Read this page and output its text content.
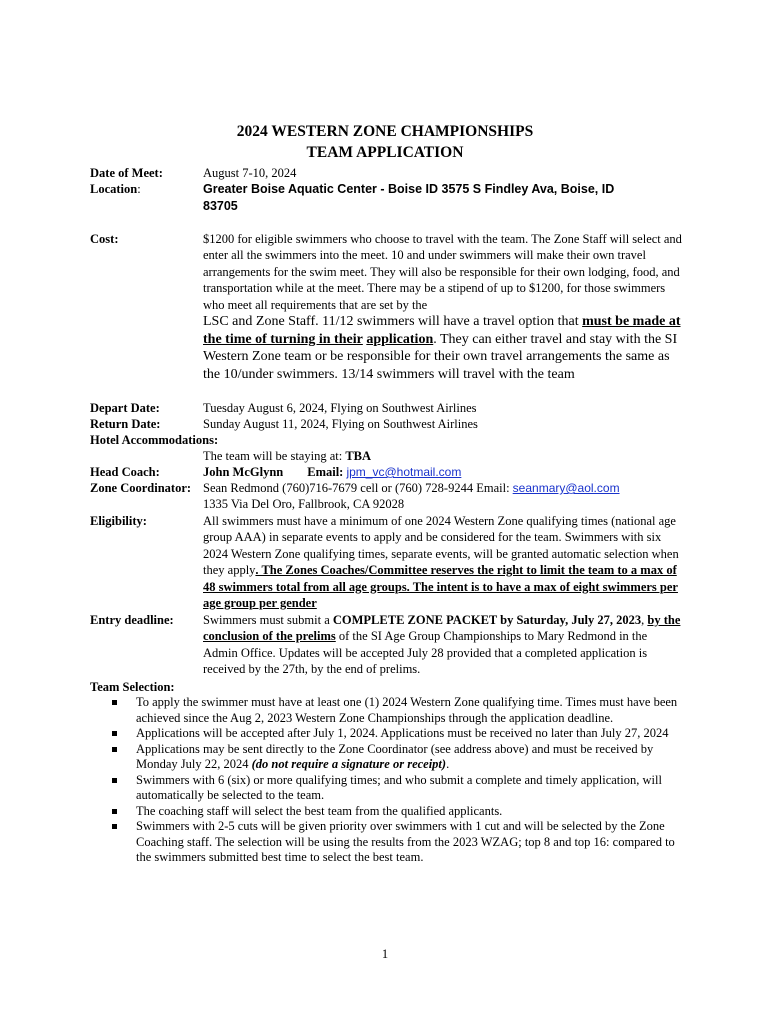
2024 WESTERN ZONE CHAMPIONSHIPS
TEAM APPLICATION
Date of Meet:	August 7-10, 2024
Location:	Greater Boise Aquatic Center - Boise ID 3575 S Findley Ava, Boise, ID
83705
Cost:	$1200 for eligible swimmers who choose to travel with the team. The Zone Staff will select and enter all the swimmers into the meet. 10 and under swimmers will make their own travel arrangements for the swim meet. They will also be responsible for their own lodging, food, and transportation while at the meet. There may be a stipend of up to $1200, for those swimmers who meet all requirements that are set by the
LSC and Zone Staff. 11/12 swimmers will have a travel option that must be made at the time of turning in their application. They can either travel and stay with the SI Western Zone team or be responsible for their own travel arrangements the same as the 10/under swimmers. 13/14 swimmers will travel with the team
Depart Date:	Tuesday August 6, 2024, Flying on Southwest Airlines
Return Date:	Sunday August 11, 2024, Flying on Southwest Airlines
Hotel Accommodations:
The team will be staying at: TBA
Head Coach:	John McGlynn Email: jpm_vc@hotmail.com
Zone Coordinator: Sean Redmond (760)716-7679 cell or (760) 728-9244 Email: seanmary@aol.com
1335 Via Del Oro, Fallbrook, CA 92028
Eligibility:	All swimmers must have a minimum of one 2024 Western Zone qualifying times (national age group AAA) in separate events to apply and be considered for the team. Swimmers with six 2024 Western Zone qualifying times, separate events, will be granted automatic selection when they apply. The Zones Coaches/Committee reserves the right to limit the team to a max of 48 swimmers total from all age groups. The intent is to have a max of eight swimmers per age group per gender
Entry deadline: Swimmers must submit a COMPLETE ZONE PACKET by Saturday, July 27, 2023, by the conclusion of the prelims of the SI Age Group Championships to Mary Redmond in the Admin Office. Updates will be accepted July 28 provided that a completed application is received by the 27th, by the end of prelims.
Team Selection:
To apply the swimmer must have at least one (1) 2024 Western Zone qualifying time. Times must have been achieved since the Aug 2, 2023 Western Zone Championships through the application deadline.
Applications will be accepted after July 1, 2024. Applications must be received no later than July 27, 2024
Applications may be sent directly to the Zone Coordinator (see address above) and must be received by Monday July 22, 2024 (do not require a signature or receipt).
Swimmers with 6 (six) or more qualifying times; and who submit a complete and timely application, will automatically be selected to the team.
The coaching staff will select the best team from the qualified applicants.
Swimmers with 2-5 cuts will be given priority over swimmers with 1 cut and will be selected by the Zone Coaching staff. The selection will be using the results from the 2023 WZAG; top 8 and top 16: compared to the swimmers submitted best time to select the best team.
1
